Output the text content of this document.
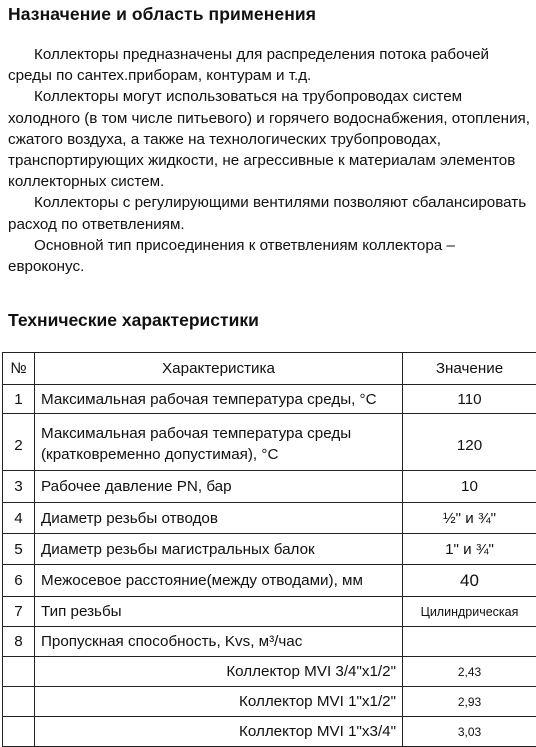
Назначение и область применения

Коллекторы предназначены для распределения потока рабочей среды по сантех.приборам, контурам и т.д.

Коллекторы могут использоваться на трубопроводах систем холодного (в том числе питьевого) и горячего водоснабжения, отопления, сжатого воздуха, а также на технологических трубопроводах, транспортирующих жидкости, не агрессивные к материалам элементов коллекторных систем.

Коллекторы с регулирующими вентилями позволяют сбалансировать расход по ответвлениям.

Основной тип присоединения к ответвлениям коллектора – евроконус.

Технические характеристики
№	Характеристика	Значение
1	Максимальная рабочая температура среды, °С	110
2	Максимальная рабочая температура среды
(кратковременно допустимая), °С	120
3	Рабочее давление PN, бар	10
4	Диаметр резьбы отводов	½" и ¾"
5	Диаметр резьбы магистральных балок	1" и ¾"
6	Межосевое расстояние(между отводами), мм	40
7	Тип резьбы	Цилиндрическая
8	Пропускная способность, Kvs, м³/час	
	Коллектор MVI 3/4"х1/2"	2,43
	Коллектор MVI 1"х1/2"	2,93
	Коллектор MVI 1"х3/4"	3,03
